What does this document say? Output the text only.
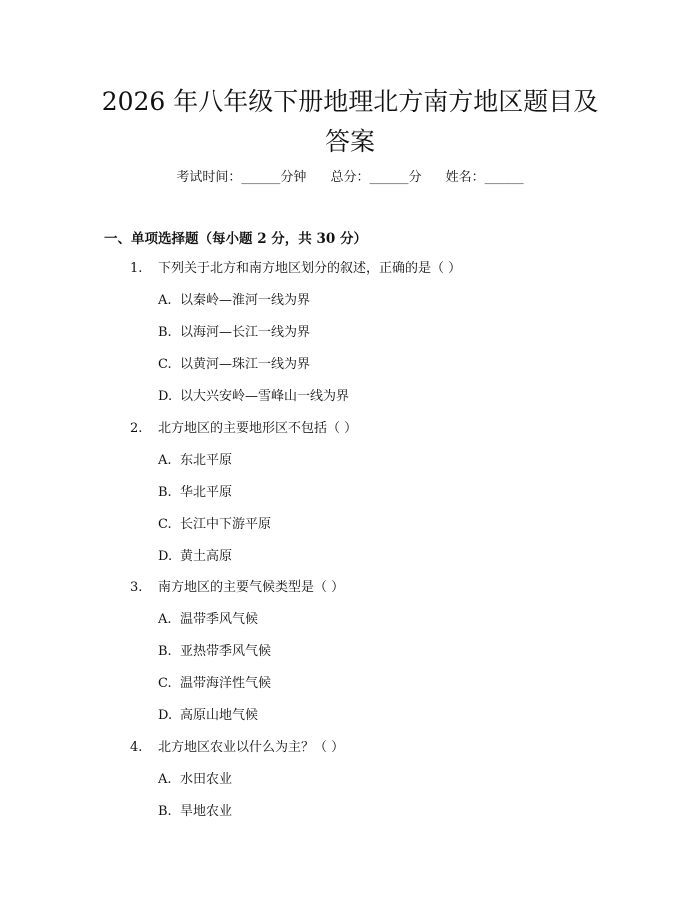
2026 年八年级下册地理北方南方地区题目及
答案
考试时间：______分钟 总分：______分 姓名：______
一、单项选择题（每小题 2 分，共 30 分）
1. 下列关于北方和南方地区划分的叙述，正确的是（ ）
A. 以秦岭—淮河一线为界
B. 以海河—长江一线为界
C. 以黄河—珠江一线为界
D. 以大兴安岭—雪峰山一线为界
2. 北方地区的主要地形区不包括（ ）
A. 东北平原
B. 华北平原
C. 长江中下游平原
D. 黄土高原
3. 南方地区的主要气候类型是（ ）
A. 温带季风气候
B. 亚热带季风气候
C. 温带海洋性气候
D. 高原山地气候
4. 北方地区农业以什么为主？（ ）
A. 水田农业
B. 旱地农业
